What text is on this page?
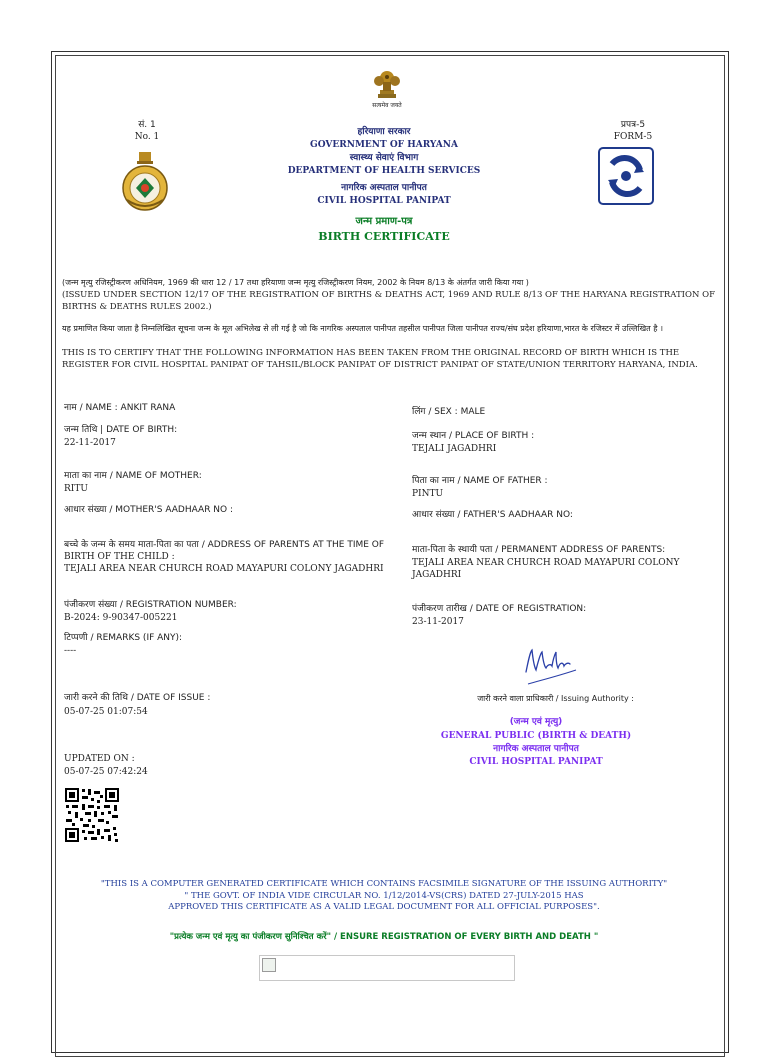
सत्यमेव जयते
सं. 1
No. 1
प्रपत्र-5
FORM-5
हरियाणा सरकार
GOVERNMENT OF HARYANA
स्वास्थ्य सेवाएं विभाग
DEPARTMENT OF HEALTH SERVICES
नागरिक अस्पताल पानीपत
CIVIL HOSPITAL PANIPAT
जन्म प्रमाण-पत्र
BIRTH CERTIFICATE
(जन्म मृत्यु रजिस्ट्रीकरण अधिनियम, 1969 की धारा 12 / 17 तथा हरियाणा जन्म मृत्यु रजिस्ट्रीकरण नियम, 2002 के नियम 8/13 के अंतर्गत जारी किया गया )
(ISSUED UNDER SECTION 12/17 OF THE REGISTRATION OF BIRTHS & DEATHS ACT, 1969 AND RULE 8/13 OF THE HARYANA REGISTRATION OF BIRTHS & DEATHS RULES 2002.)
यह प्रमाणित किया जाता है निम्नलिखित सूचना जन्म के मूल अभिलेख से ली गई है जो कि नागरिक अस्पताल पानीपत तहसील पानीपत जिला पानीपत राज्य/संघ प्रदेश हरियाणा,भारत के रजिस्टर में उल्लिखित है ।
THIS IS TO CERTIFY THAT THE FOLLOWING INFORMATION HAS BEEN TAKEN FROM THE ORIGINAL RECORD OF BIRTH WHICH IS THE REGISTER FOR CIVIL HOSPITAL PANIPAT OF TAHSIL/BLOCK PANIPAT OF DISTRICT PANIPAT OF STATE/UNION TERRITORY HARYANA, INDIA.
नाम / NAME : ANKIT RANA
जन्म तिथि | DATE OF BIRTH:
22-11-2017
माता का नाम / NAME OF MOTHER:
RITU
आधार संख्या / MOTHER'S AADHAAR NO :
बच्चे के जन्म के समय माता-पिता का पता / ADDRESS OF PARENTS AT THE TIME OF
BIRTH OF THE CHILD :
TEJALI AREA NEAR CHURCH ROAD MAYAPURI COLONY JAGADHRI
पंजीकरण संख्या / REGISTRATION NUMBER:
B-2024: 9-90347-005221
टिप्पणी / REMARKS (IF ANY):
----
जारी करने की तिथि / DATE OF ISSUE :
05-07-25 01:07:54
UPDATED ON :
05-07-25 07:42:24
लिंग / SEX : MALE
जन्म स्थान / PLACE OF BIRTH :
TEJALI JAGADHRI
पिता का नाम / NAME OF FATHER :
PINTU
आधार संख्या / FATHER'S AADHAAR NO:
माता-पिता के स्थायी पता / PERMANENT ADDRESS OF PARENTS:
TEJALI AREA NEAR CHURCH ROAD MAYAPURI COLONY
JAGADHRI
पंजीकरण तारीख / DATE OF REGISTRATION:
23-11-2017
जारी करने वाला प्राधिकारी / Issuing Authority :
(जन्म एवं मृत्यु)
GENERAL PUBLIC (BIRTH & DEATH)
नागरिक अस्पताल पानीपत
CIVIL HOSPITAL PANIPAT
"THIS IS A COMPUTER GENERATED CERTIFICATE WHICH CONTAINS FACSIMILE SIGNATURE OF THE ISSUING AUTHORITY"
" THE GOVT. OF INDIA VIDE CIRCULAR NO. 1/12/2014-VS(CRS) DATED 27-JULY-2015 HAS
APPROVED THIS CERTIFICATE AS A VALID LEGAL DOCUMENT FOR ALL OFFICIAL PURPOSES".
"प्रत्येक जन्म एवं मृत्यु का पंजीकरण सुनिश्चित करें" / ENSURE REGISTRATION OF EVERY BIRTH AND DEATH "
